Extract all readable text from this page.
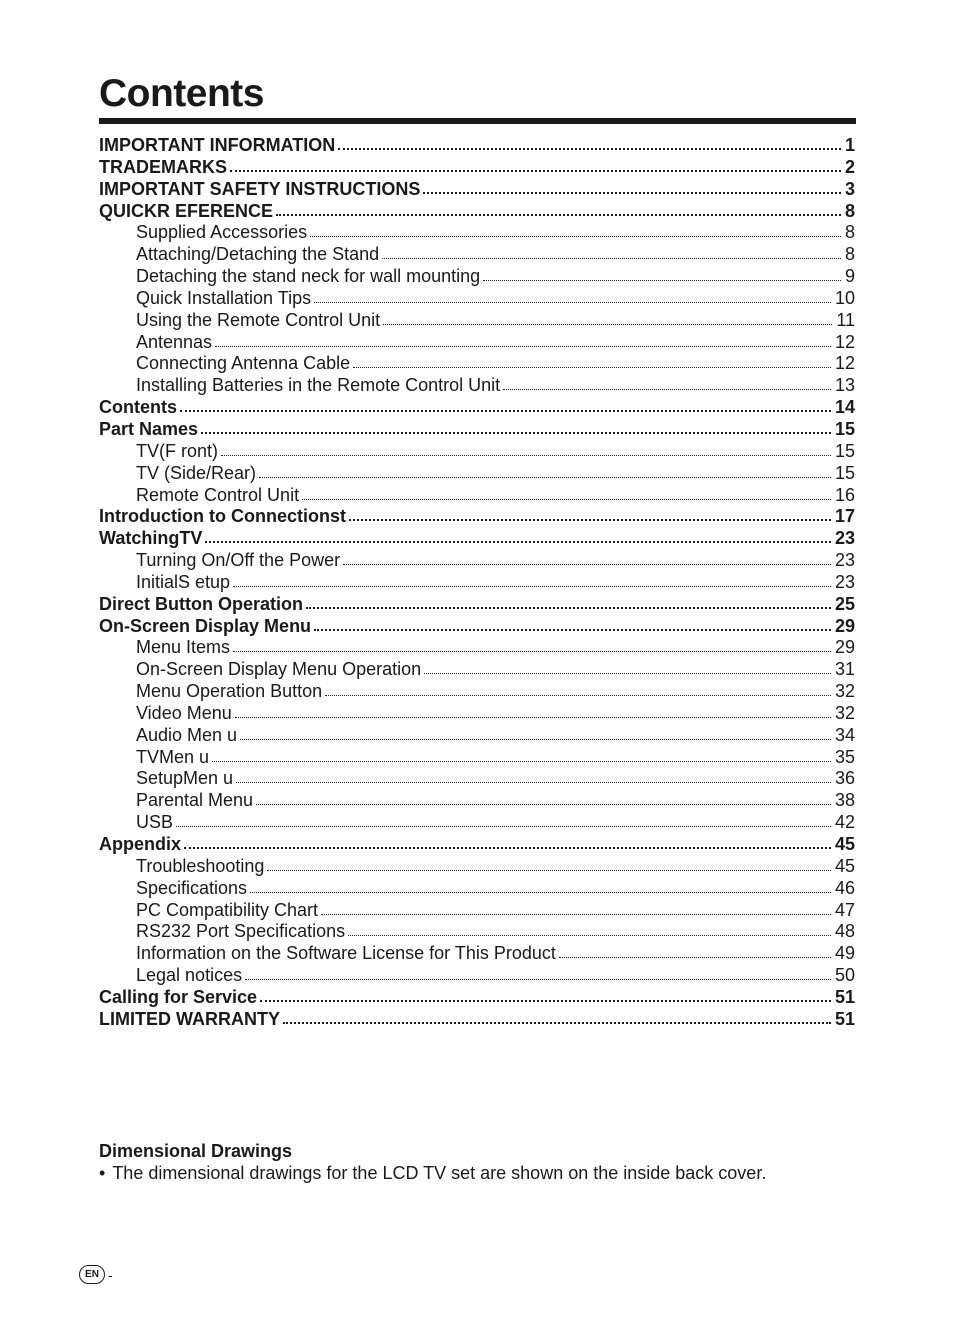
Contents
IMPORTANT INFORMATION	1
TRADEMARKS	2
IMPORTANT SAFETY INSTRUCTIONS	3
QUICKR EFERENCE	8
Supplied Accessories	8
Attaching/Detaching the Stand	8
Detaching the stand neck for wall mounting	9
Quick Installation Tips	10
Using the Remote Control Unit	11
Antennas	12
Connecting Antenna Cable	12
Installing Batteries in the Remote Control Unit	13
Contents	14
Part Names	15
TV(F ront)	15
TV (Side/Rear)	15
Remote Control Unit	16
Introduction to Connectionst	17
WatchingTV	23
Turning On/Off the Power	23
InitialS etup	23
Direct Button Operation	25
On-Screen Display Menu	29
Menu Items	29
On-Screen Display Menu Operation	31
Menu Operation Button	32
Video Menu	32
Audio Men u	34
TVMen u	35
SetupMen u	36
Parental Menu	38
USB	42
Appendix	45
Troubleshooting	45
Specifications	46
PC Compatibility Chart	47
RS232 Port Specifications	48
Information on the Software License for This Product	49
Legal notices	50
Calling for Service	51
LIMITED WARRANTY	51

Dimensional Drawings

• The dimensional drawings for the LCD TV set are shown on the inside back cover.

EN -
